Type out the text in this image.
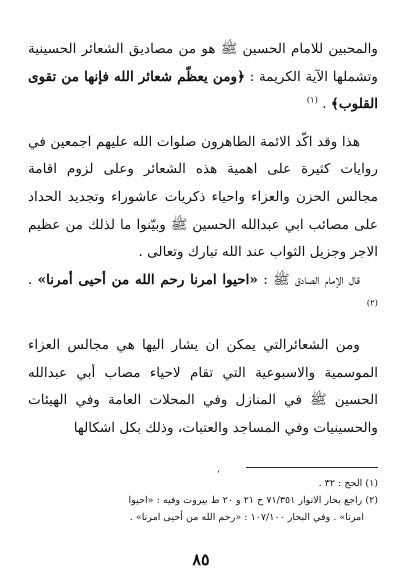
والمحبين للامام الحسين ﷺ هو من مصاديق الشعائر الحسينية وتشملها الآية الكريمة : ﴿ومن يعظّم شعائر الله فإنها من تقوى القلوب﴾ . $^{(١)}$

هذا وقد اكّد الائمة الطاهرون صلوات الله عليهم اجمعين في روايات كثيرة على اهمية هذه الشعائر وعلى لزوم اقامة مجالس الحزن والعزاء واحياء ذكريات عاشوراء وتجديد الحداد على مصائب ابي عبدالله الحسين ﷺ وبيّنوا ما لذلك من عظيم الاجر وجزيل الثواب عند الله تبارك وتعالى .

قال الإمام الصادق ﷺ : «احيوا امرنا رحم الله من أحيى أمرنا» . $^{(٢)}$

ومن الشعائرالتي يمكن ان يشار اليها هي مجالس العزاء الموسمية والاسبوعية التي تقام لاحياء مصاب أبي عبدالله الحسين ﷺ في المنازل وفي المحلات العامة وفي الهيئات والحسينيات وفي المساجد والعتبات، وذلك بكل اشكالها

ʻ

(١) الحج : ٣٢ .

(٢) راجع بحار الانوار ٧١/٣٥١ ح ٢١ و ٢٠ ط بيروت وفيه : «احيوا

امرنا» . وفي البحار ١٠٧/١٠٠ : «رحم الله من أحيى امرنا» .

٨٥
